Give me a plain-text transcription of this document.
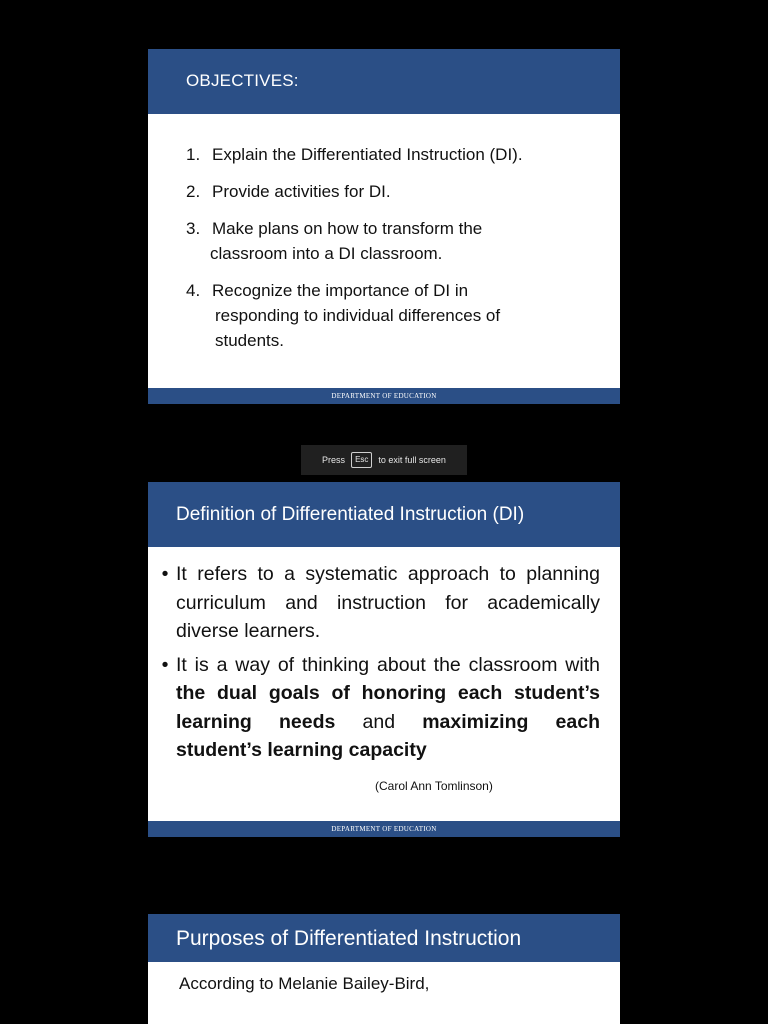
OBJECTIVES:
1. Explain the Differentiated Instruction (DI).
2. Provide activities for DI.
3. Make plans on how to transform the
classroom into a DI classroom.
4. Recognize the importance of DI in
responding to individual differences of
students.
DEPARTMENT OF EDUCATION
Press	Esc	to exit full screen
Definition of Differentiated Instruction (DI)
• It refers to a systematic approach to planning curriculum and instruction for academically diverse learners.
• It is a way of thinking about the classroom with the dual goals of honoring each student’s learning needs and maximizing each student’s learning capacity
(Carol Ann Tomlinson)
DEPARTMENT OF EDUCATION
Purposes of Differentiated Instruction
According to Melanie Bailey-Bird,
